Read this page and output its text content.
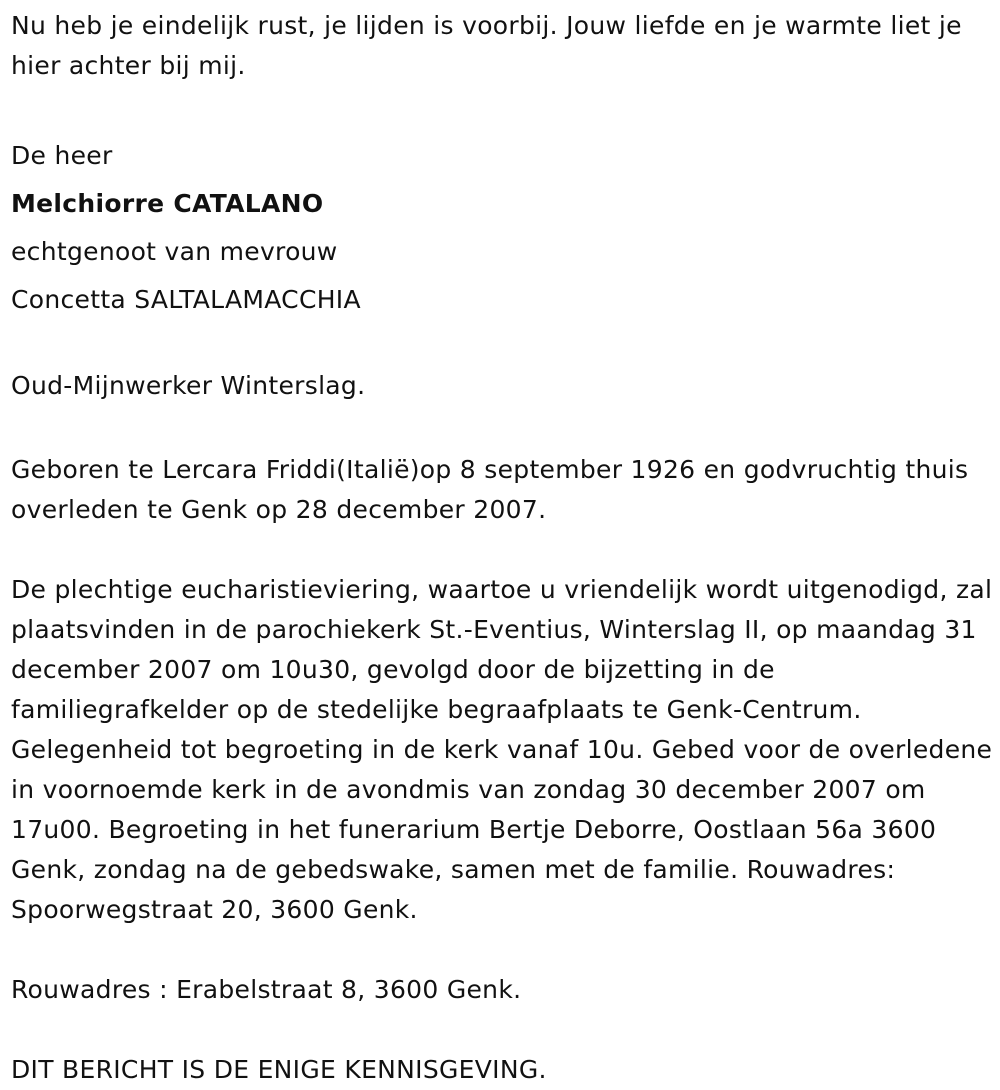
Nu heb je eindelijk rust, je lijden is voorbij. Jouw liefde en je warmte liet je hier achter bij mij.

De heer

Melchiorre CATALANO

echtgenoot van mevrouw

Concetta SALTALAMACCHIA

Oud-Mijnwerker Winterslag.

Geboren te Lercara Friddi(Italië)op 8 september 1926 en godvruchtig thuis overleden te Genk op 28 december 2007.

De plechtige eucharistieviering, waartoe u vriendelijk wordt uitgenodigd, zal plaatsvinden in de parochiekerk St.-Eventius, Winterslag II, op maandag 31 december 2007 om 10u30, gevolgd door de bijzetting in de familiegrafkelder op de stedelijke begraafplaats te Genk-Centrum. Gelegenheid tot begroeting in de kerk vanaf 10u. Gebed voor de overledene in voornoemde kerk in de avondmis van zondag 30 december 2007 om 17u00. Begroeting in het funerarium Bertje Deborre, Oostlaan 56a 3600 Genk, zondag na de gebedswake, samen met de familie. Rouwadres: Spoorwegstraat 20, 3600 Genk.

Rouwadres : Erabelstraat 8, 3600 Genk.

DIT BERICHT IS DE ENIGE KENNISGEVING.
